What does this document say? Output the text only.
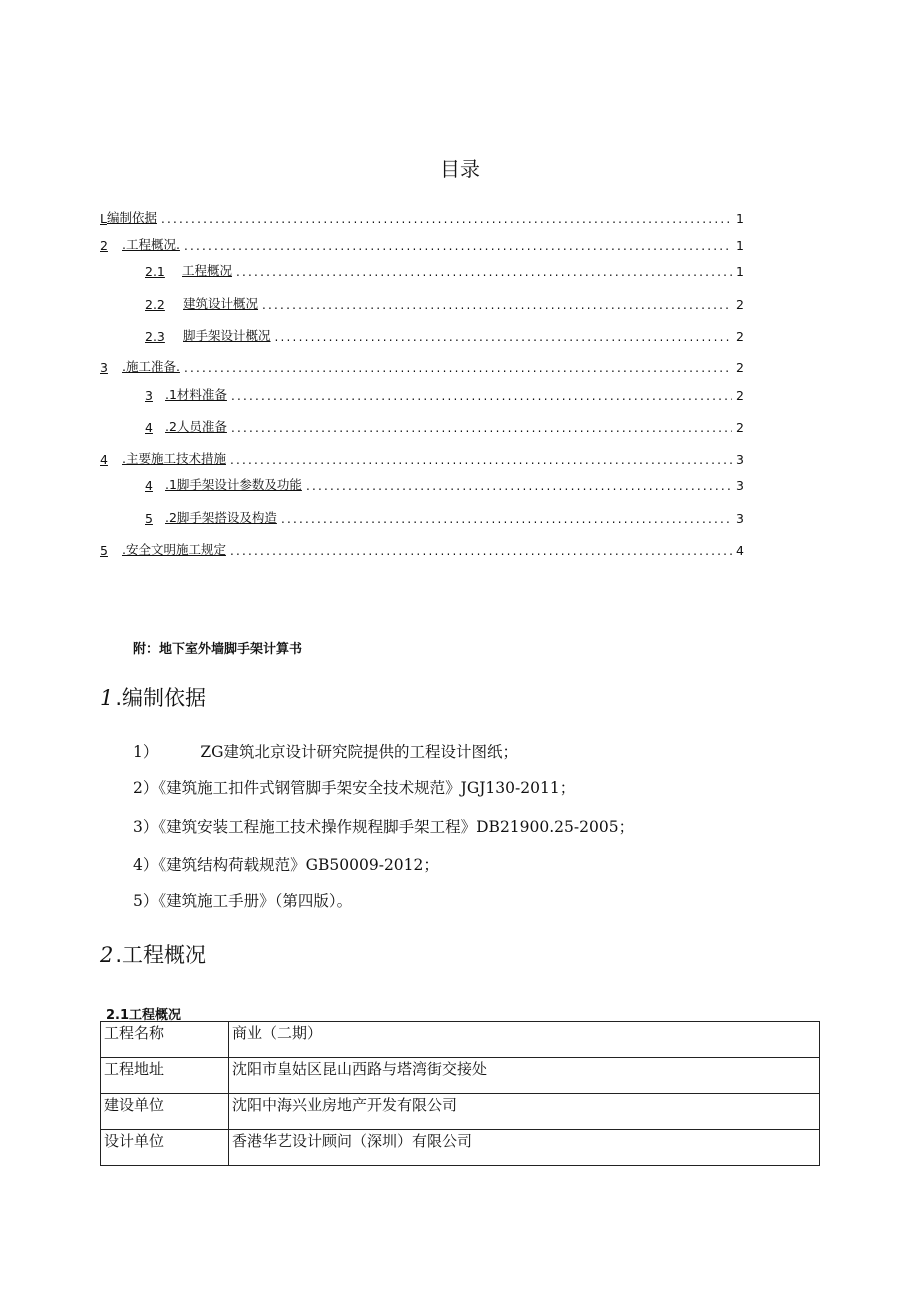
目录
L 编制依据 .....	1
2	.工程概况. .....	1
2.1	工程概况 .....	1
2.2	建筑设计概况 .....	2
2.3	脚手架设计概况 .....	2
3	.施工准备. .....	2
3 .1材料准备 .....	2
4 .2人员准备 .....	2
4	.主要施工技术措施 .....	3
4 .1脚手架设计参数及功能 .....	3
5 .2脚手架搭设及构造 .....	3
5	.安全文明施工规定 .....	4
附：地下室外墙脚手架计算书
1.编制依据
1）	ZG建筑北京设计研究院提供的工程设计图纸；
2）《建筑施工扣件式钢管脚手架安全技术规范》JGJ130-2011；
3）《建筑安装工程施工技术操作规程脚手架工程》DB21900.25-2005；
4）《建筑结构荷载规范》GB50009-2012；
5）《建筑施工手册》（第四版）。
2.工程概况
2.1工程概况
工程名称	商业（二期）
工程地址	沈阳市皇姑区昆山西路与塔湾街交接处
建设单位	沈阳中海兴业房地产开发有限公司
设计单位	香港华艺设计顾问（深圳）有限公司
